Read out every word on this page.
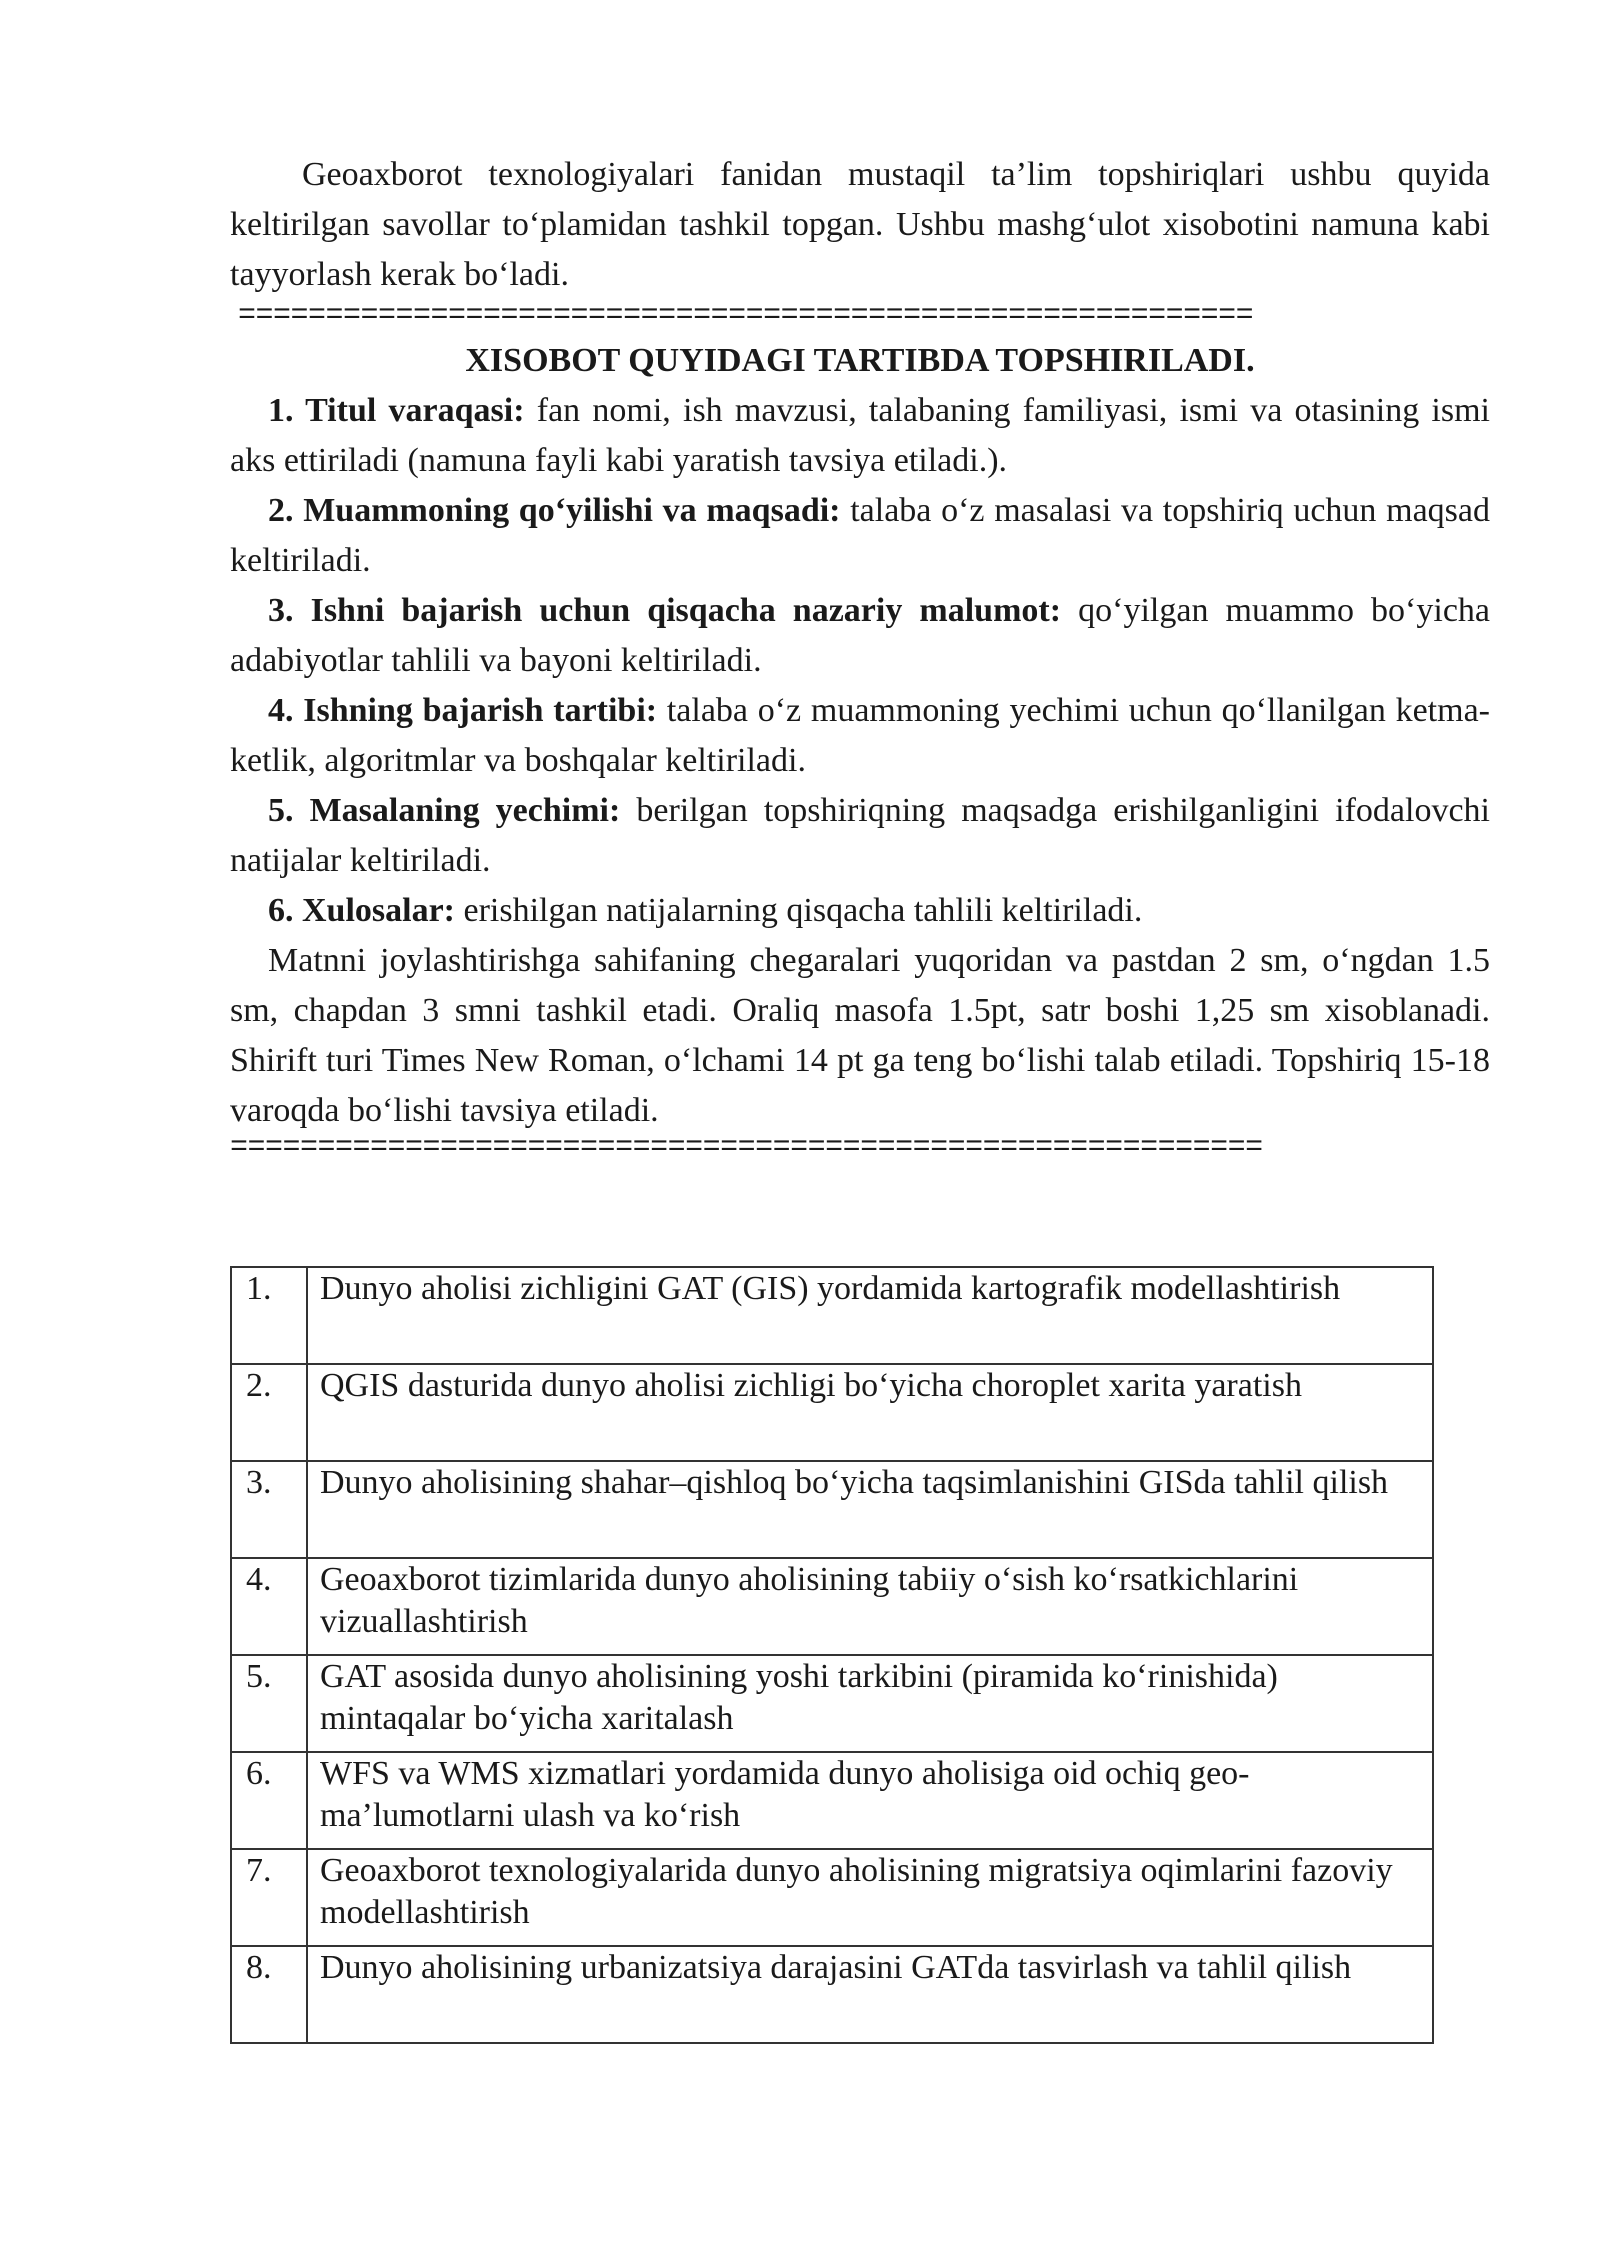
Geoaxborot texnologiyalari fanidan mustaqil ta’lim topshiriqlari ushbu quyida keltirilgan savollar to‘plamidan tashkil topgan. Ushbu mashg‘ulot xisobotini namuna kabi tayyorlash kerak bo‘ladi.

==========================================================

XISOBOT QUYIDAGI TARTIBDA TOPSHIRILADI.

1. Titul varaqasi: fan nomi, ish mavzusi, talabaning familiyasi, ismi va otasining ismi aks ettiriladi (namuna fayli kabi yaratish tavsiya etiladi.).

2. Muammoning qo‘yilishi va maqsadi: talaba o‘z masalasi va topshiriq uchun maqsad keltiriladi.

3. Ishni bajarish uchun qisqacha nazariy malumot: qo‘yilgan muammo bo‘yicha adabiyotlar tahlili va bayoni keltiriladi.

4. Ishning bajarish tartibi: talaba o‘z muammoning yechimi uchun qo‘llanilgan ketma-ketlik, algoritmlar va boshqalar keltiriladi.

5. Masalaning yechimi: berilgan topshiriqning maqsadga erishilganligini ifodalovchi natijalar keltiriladi.

6. Xulosalar: erishilgan natijalarning qisqacha tahlili keltiriladi.

Matnni joylashtirishga sahifaning chegaralari yuqoridan va pastdan 2 sm, o‘ngdan 1.5 sm, chapdan 3 smni tashkil etadi. Oraliq masofa 1.5pt, satr boshi 1,25 sm xisoblanadi. Shirift turi Times New Roman, o‘lchami 14 pt ga teng bo‘lishi talab etiladi. Topshiriq 15-18 varoqda bo‘lishi tavsiya etiladi.

===========================================================

1.	Dunyo aholisi zichligini GAT (GIS) yordamida kartografik modellashtirish
2.	QGIS dasturida dunyo aholisi zichligi bo‘yicha choroplet xarita yaratish
3.	Dunyo aholisining shahar–qishloq bo‘yicha taqsimlanishini GISda tahlil qilish
4.	Geoaxborot tizimlarida dunyo aholisining tabiiy o‘sish ko‘rsatkichlarini vizuallashtirish
5.	GAT asosida dunyo aholisining yoshi tarkibini (piramida ko‘rinishida) mintaqalar bo‘yicha xaritalash
6.	WFS va WMS xizmatlari yordamida dunyo aholisiga oid ochiq geo-ma’lumotlarni ulash va ko‘rish
7.	Geoaxborot texnologiyalarida dunyo aholisining migratsiya oqimlarini fazoviy modellashtirish
8.	Dunyo aholisining urbanizatsiya darajasini GATda tasvirlash va tahlil qilish
